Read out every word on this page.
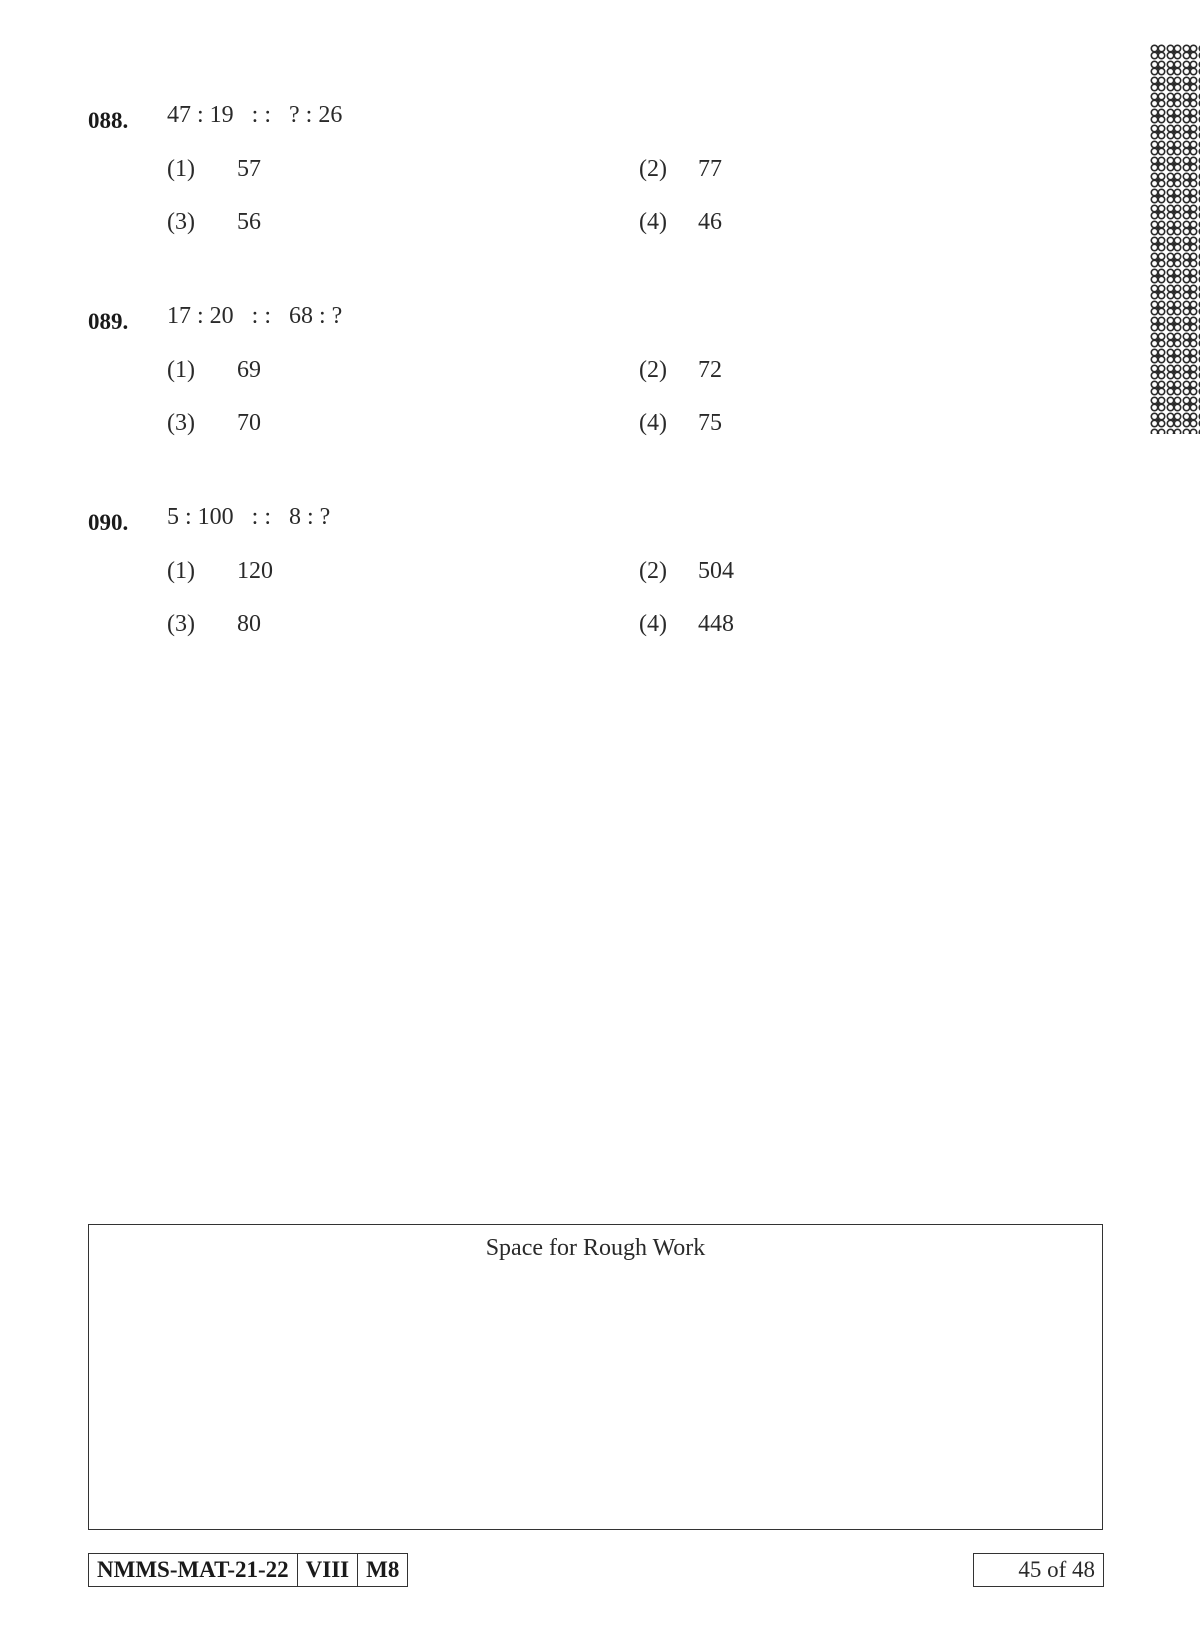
088. 47 : 19   : :   ? : 26
(1) 57	(2) 77
(3) 56	(4) 46
089. 17 : 20   : :   68 : ?
(1) 69	(2) 72
(3) 70	(4) 75
090. 5 : 100   : :   8 : ?
(1) 120	(2) 504
(3) 80	(4) 448
Space for Rough Work
NMMS-MAT-21-22 VIII M8	45 of 48
